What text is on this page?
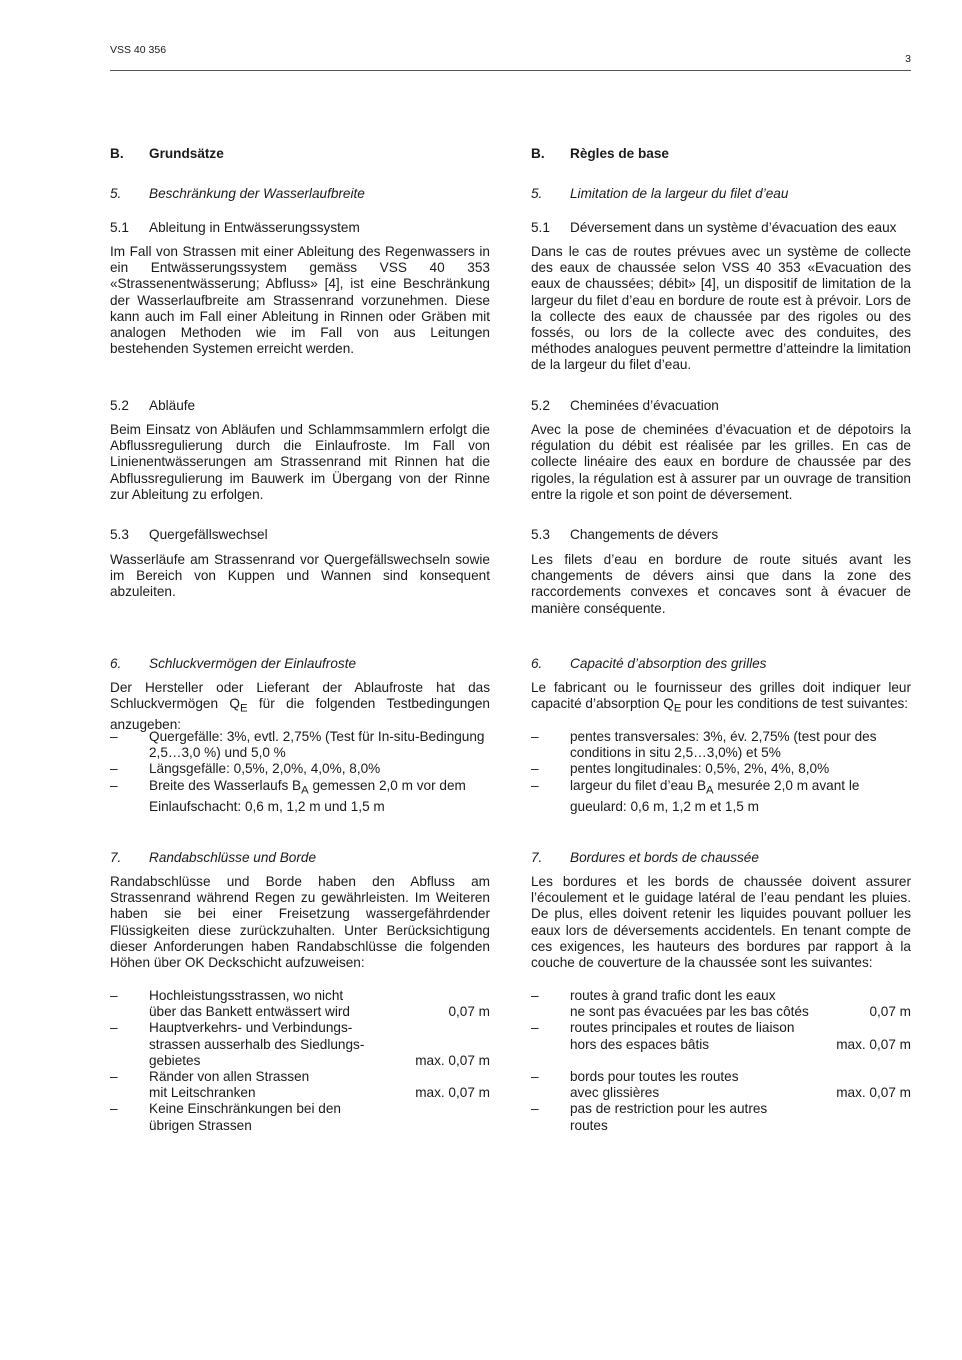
VSS 40 356
3
B.	Grundsätze
5.	Beschränkung der Wasserlaufbreite
5.1	Ableitung in Entwässerungssystem
Im Fall von Strassen mit einer Ableitung des Regenwassers in ein Entwässerungssystem gemäss VSS 40 353 «Strassenentwässerung; Abfluss» [4], ist eine Beschränkung der Wasserlaufbreite am Strassenrand vorzunehmen. Diese kann auch im Fall einer Ableitung in Rinnen oder Gräben mit analogen Methoden wie im Fall von aus Leitungen bestehenden Systemen erreicht werden.
5.2	Abläufe
Beim Einsatz von Abläufen und Schlammsammlern erfolgt die Abflussregulierung durch die Einlaufroste. Im Fall von Linienentwässerungen am Strassenrand mit Rinnen hat die Abflussregulierung im Bauwerk im Übergang von der Rinne zur Ableitung zu erfolgen.
5.3	Quergefällswechsel
Wasserläufe am Strassenrand vor Quergefällswechseln sowie im Bereich von Kuppen und Wannen sind konsequent abzuleiten.
6.	Schluckvermögen der Einlaufroste
Der Hersteller oder Lieferant der Ablaufroste hat das Schluckvermögen $Q_E$ für die folgenden Testbedingungen anzugeben:
–	Quergefälle: 3%, evtl. 2,75% (Test für In-situ-Bedingung 2,5…3,0 %) und 5,0 %
–	Längsgefälle: 0,5%, 2,0%, 4,0%, 8,0%
–	Breite des Wasserlaufs $B_A$ gemessen 2,0 m vor dem Einlaufschacht: 0,6 m, 1,2 m und 1,5 m
7.	Randabschlüsse und Borde
Randabschlüsse und Borde haben den Abfluss am Strassenrand während Regen zu gewährleisten. Im Weiteren haben sie bei einer Freisetzung wassergefährdender Flüssigkeiten diese zurückzuhalten. Unter Berücksichtigung dieser Anforderungen haben Randabschlüsse die folgenden Höhen über OK Deckschicht aufzuweisen:
–	Hochleistungsstrassen, wo nicht
über das Bankett entwässert wird	0,07 m
–	Hauptverkehrs- und Verbindungs-
strassen ausserhalb des Siedlungs-
gebietes	max. 0,07 m
–	Ränder von allen Strassen
mit Leitschranken	max. 0,07 m
–	Keine Einschränkungen bei den
übrigen Strassen
B.	Règles de base
5.	Limitation de la largeur du filet d’eau
5.1	Déversement dans un système d’évacuation des eaux
Dans le cas de routes prévues avec un système de collecte des eaux de chaussée selon VSS 40 353 «Evacuation des eaux de chaussées; débit» [4], un dispositif de limitation de la largeur du filet d’eau en bordure de route est à prévoir. Lors de la collecte des eaux de chaussée par des rigoles ou des fossés, ou lors de la collecte avec des conduites, des méthodes analogues peuvent permettre d’atteindre la limitation de la largeur du filet d’eau.
5.2	Cheminées d’évacuation
Avec la pose de cheminées d’évacuation et de dépotoirs la régulation du débit est réalisée par les grilles. En cas de collecte linéaire des eaux en bordure de chaussée par des rigoles, la régulation est à assurer par un ouvrage de transition entre la rigole et son point de déversement.
5.3	Changements de dévers
Les filets d’eau en bordure de route situés avant les changements de dévers ainsi que dans la zone des raccordements convexes et concaves sont à évacuer de manière conséquente.
6.	Capacité d’absorption des grilles
Le fabricant ou le fournisseur des grilles doit indiquer leur capacité d’absorption $Q_E$ pour les conditions de test suivantes:
–	pentes transversales: 3%, év. 2,75% (test pour des conditions in situ 2,5…3,0%) et 5%
–	pentes longitudinales: 0,5%, 2%, 4%, 8,0%
–	largeur du filet d’eau $B_A$ mesurée 2,0 m avant le gueulard: 0,6 m, 1,2 m et 1,5 m
7.	Bordures et bords de chaussée
Les bordures et les bords de chaussée doivent assurer l’écoulement et le guidage latéral de l’eau pendant les pluies. De plus, elles doivent retenir les liquides pouvant polluer les eaux lors de déversements accidentels. En tenant compte de ces exigences, les hauteurs des bordures par rapport à la couche de couverture de la chaussée sont les suivantes:
–	routes à grand trafic dont les eaux
ne sont pas évacuées par les bas côtés	0,07 m
–	routes principales et routes de liaison
hors des espaces bâtis	max. 0,07 m
–	bords pour toutes les routes
avec glissières	max. 0,07 m
–	pas de restriction pour les autres
routes
